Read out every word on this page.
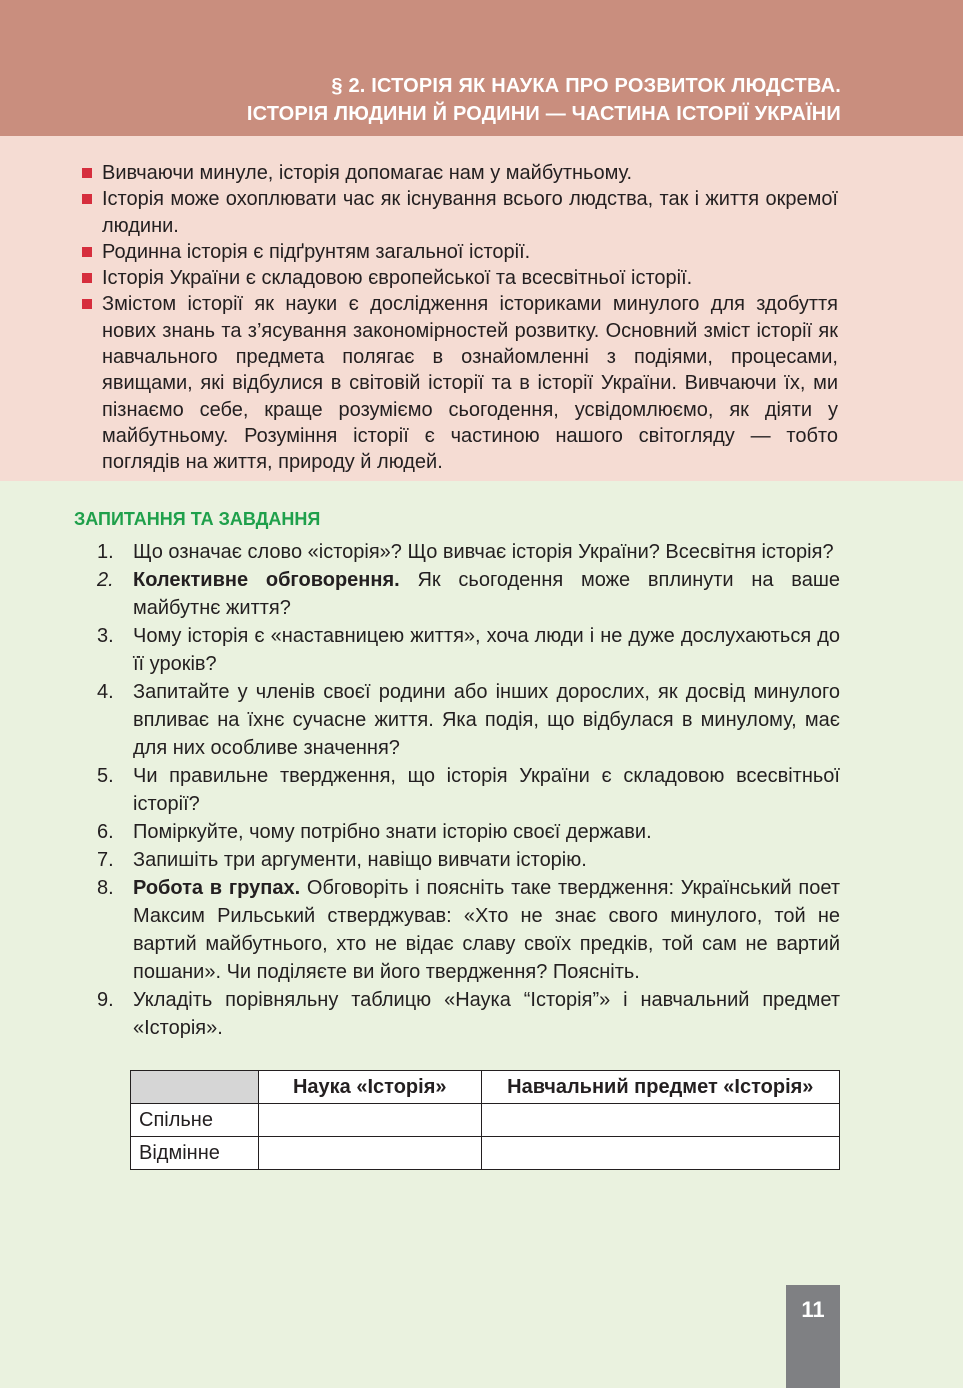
§ 2. ІСТОРІЯ ЯК НАУКА ПРО РОЗВИТОК ЛЮДСТВА.
ІСТОРІЯ ЛЮДИНИ Й РОДИНИ — ЧАСТИНА ІСТОРІЇ УКРАЇНИ
Вивчаючи минуле, історія допомагає нам у майбутньому.
Історія може охоплювати час як існування всього людства, так і життя окремої людини.
Родинна історія є підґрунтям загальної історії.
Історія України є складовою європейської та всесвітньої історії.
Змістом історії як науки є дослідження істориками минулого для здобуття нових знань та з’ясування закономірностей розвитку. Основний зміст історії як навчального предмета полягає в ознайомленні з подіями, процесами, явищами, які відбулися в світовій історії та в історії України. Вивчаючи їх, ми пізнаємо себе, краще розуміємо сьогодення, усвідомлюємо, як діяти у майбутньому. Розуміння історії є частиною нашого світогляду — тобто поглядів на життя, природу й людей.
ЗАПИТАННЯ ТА ЗАВДАННЯ
1. Що означає слово «історія»? Що вивчає історія України? Всесвітня історія?
2. Колективне обговорення. Як сьогодення може вплинути на ваше майбутнє життя?
3. Чому історія є «наставницею життя», хоча люди і не дуже дослухаються до її уроків?
4. Запитайте у членів своєї родини або інших дорослих, як досвід минулого впливає на їхнє сучасне життя. Яка подія, що відбулася в минулому, має для них особливе значення?
5. Чи правильне твердження, що історія України є складовою всесвітньої історії?
6. Поміркуйте, чому потрібно знати історію своєї держави.
7. Запишіть три аргументи, навіщо вивчати історію.
8. Робота в групах. Обговоріть і поясніть таке твердження: Український поет Максим Рильський стверджував: «Хто не знає свого минулого, той не вартий майбутнього, хто не відає славу своїх предків, той сам не вартий пошани». Чи поділяєте ви його твердження? Поясніть.
9. Укладіть порівняльну таблицю «Наука “Історія”» і навчальний предмет «Історія».
	Наука «Історія»	Навчальний предмет «Історія»
Спільне		
Відмінне		
11
